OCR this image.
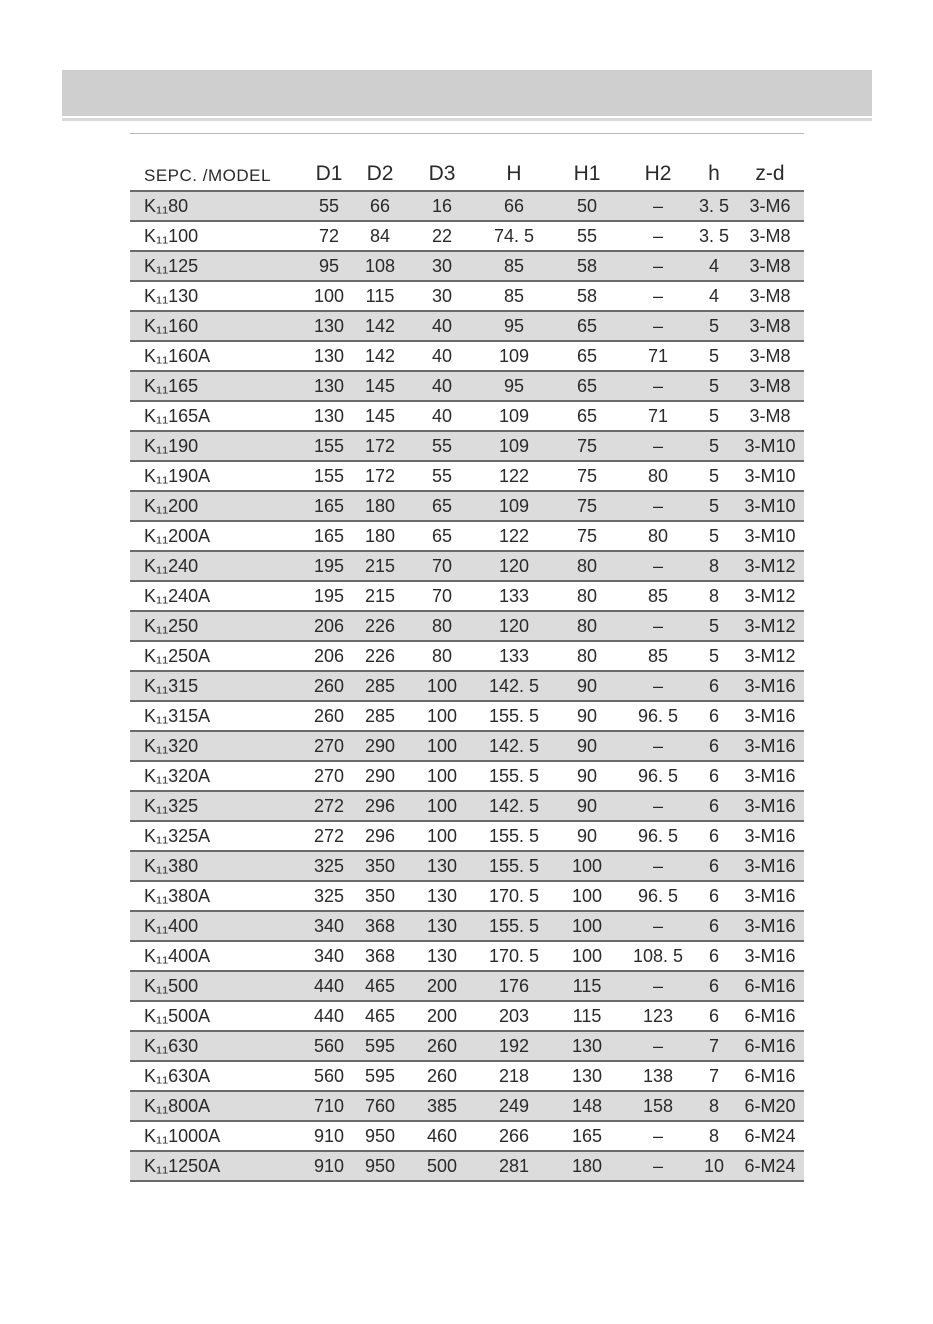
SEPC. /MODEL	D1	D2	D3	H	H1	H2	h	z-d
K₁₁80	55	66	16	66	50	–	3. 5	3-M6
K₁₁100	72	84	22	74. 5	55	–	3. 5	3-M8
K₁₁125	95	108	30	85	58	–	4	3-M8
K₁₁130	100	115	30	85	58	–	4	3-M8
K₁₁160	130	142	40	95	65	–	5	3-M8
K₁₁160A	130	142	40	109	65	71	5	3-M8
K₁₁165	130	145	40	95	65	–	5	3-M8
K₁₁165A	130	145	40	109	65	71	5	3-M8
K₁₁190	155	172	55	109	75	–	5	3-M10
K₁₁190A	155	172	55	122	75	80	5	3-M10
K₁₁200	165	180	65	109	75	–	5	3-M10
K₁₁200A	165	180	65	122	75	80	5	3-M10
K₁₁240	195	215	70	120	80	–	8	3-M12
K₁₁240A	195	215	70	133	80	85	8	3-M12
K₁₁250	206	226	80	120	80	–	5	3-M12
K₁₁250A	206	226	80	133	80	85	5	3-M12
K₁₁315	260	285	100	142. 5	90	–	6	3-M16
K₁₁315A	260	285	100	155. 5	90	96. 5	6	3-M16
K₁₁320	270	290	100	142. 5	90	–	6	3-M16
K₁₁320A	270	290	100	155. 5	90	96. 5	6	3-M16
K₁₁325	272	296	100	142. 5	90	–	6	3-M16
K₁₁325A	272	296	100	155. 5	90	96. 5	6	3-M16
K₁₁380	325	350	130	155. 5	100	–	6	3-M16
K₁₁380A	325	350	130	170. 5	100	96. 5	6	3-M16
K₁₁400	340	368	130	155. 5	100	–	6	3-M16
K₁₁400A	340	368	130	170. 5	100	108. 5	6	3-M16
K₁₁500	440	465	200	176	115	–	6	6-M16
K₁₁500A	440	465	200	203	115	123	6	6-M16
K₁₁630	560	595	260	192	130	–	7	6-M16
K₁₁630A	560	595	260	218	130	138	7	6-M16
K₁₁800A	710	760	385	249	148	158	8	6-M20
K₁₁1000A	910	950	460	266	165	–	8	6-M24
K₁₁1250A	910	950	500	281	180	–	10	6-M24
